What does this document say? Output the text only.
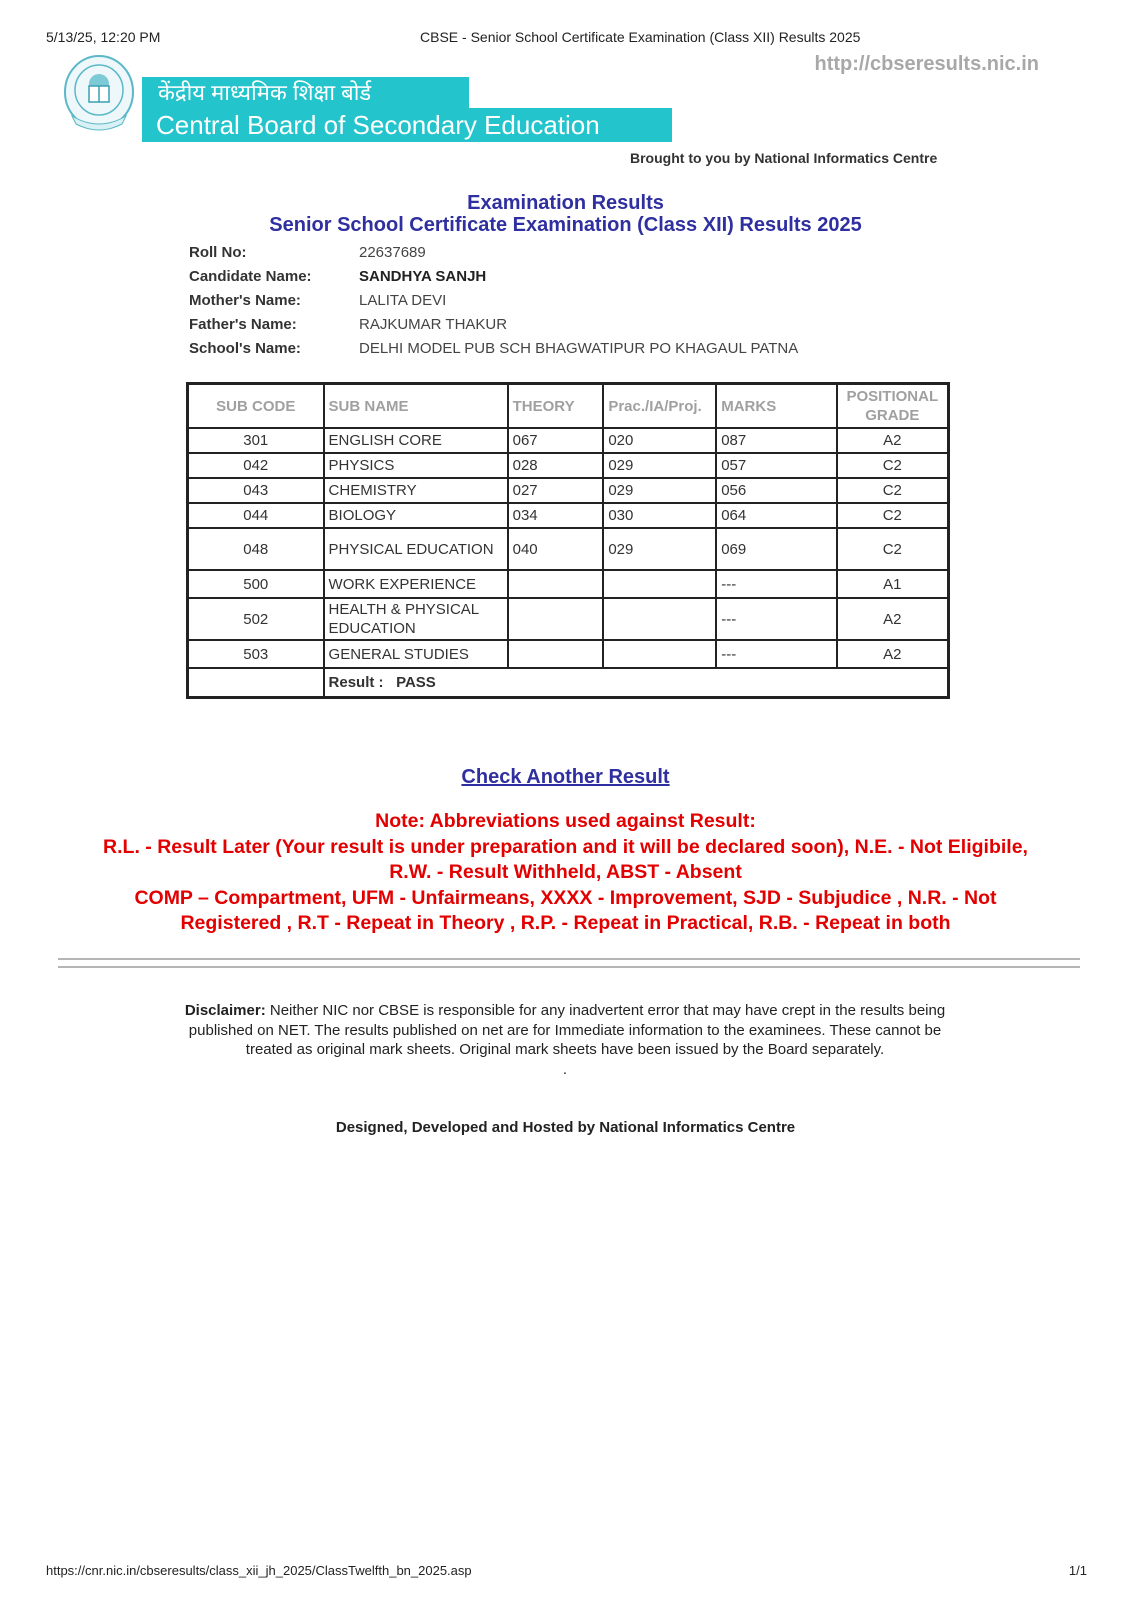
5/13/25, 12:20 PM	CBSE - Senior School Certificate Examination (Class XII) Results 2025
केंद्रीय माध्यमिक शिक्षा बोर्ड
Central Board of Secondary Education
http://cbseresults.nic.in
Brought to you by National Informatics Centre
Examination Results
Senior School Certificate Examination (Class XII) Results 2025
Roll No:	22637689
Candidate Name:	SANDHYA SANJH
Mother's Name:	LALITA DEVI
Father's Name:	RAJKUMAR THAKUR
School's Name:	DELHI MODEL PUB SCH BHAGWATIPUR PO KHAGAUL PATNA
SUB CODE	SUB NAME	THEORY	Prac./IA/Proj.	MARKS	POSITIONAL GRADE
301	ENGLISH CORE	067	020	087	A2
042	PHYSICS	028	029	057	C2
043	CHEMISTRY	027	029	056	C2
044	BIOLOGY	034	030	064	C2
048	PHYSICAL EDUCATION	040	029	069	C2
500	WORK EXPERIENCE			---	A1
502	HEALTH & PHYSICAL EDUCATION			---	A2
503	GENERAL STUDIES			---	A2
	Result : PASS				
Check Another Result
Note: Abbreviations used against Result:
R.L. - Result Later (Your result is under preparation and it will be declared soon), N.E. - Not Eligibile,
R.W. - Result Withheld, ABST - Absent
COMP – Compartment, UFM - Unfairmeans, XXXX - Improvement, SJD - Subjudice , N.R. - Not
Registered , R.T - Repeat in Theory , R.P. - Repeat in Practical, R.B. - Repeat in both
Disclaimer: Neither NIC nor CBSE is responsible for any inadvertent error that may have crept in the results being published on NET. The results published on net are for Immediate information to the examinees. These cannot be treated as original mark sheets. Original mark sheets have been issued by the Board separately.
.
Designed, Developed and Hosted by National Informatics Centre
https://cnr.nic.in/cbseresults/class_xii_jh_2025/ClassTwelfth_bn_2025.asp	1/1
